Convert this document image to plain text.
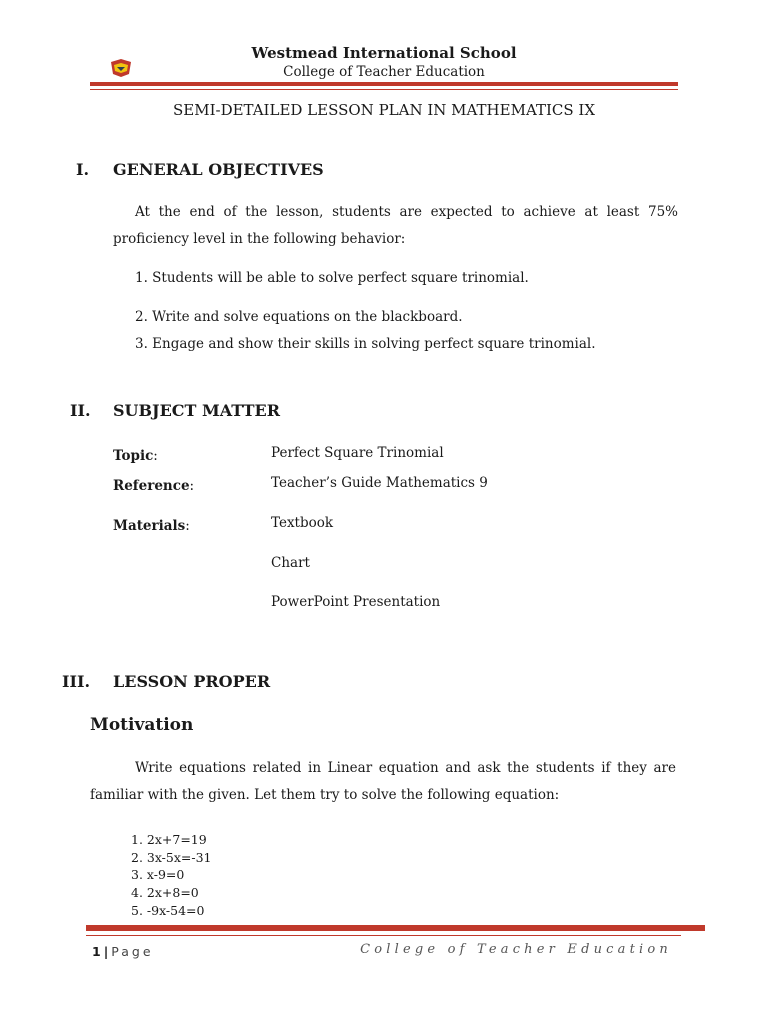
Westmead International School
College of Teacher Education
SEMI-DETAILED LESSON PLAN IN MATHEMATICS IX
I. GENERAL OBJECTIVES
At the end of the lesson, students are expected to achieve at least 75% proficiency level in the following behavior:
1. Students will be able to solve perfect square trinomial.
2. Write and solve equations on the blackboard.
3. Engage and show their skills in solving perfect square trinomial.
II. SUBJECT MATTER
Topic:	Perfect Square Trinomial
Reference:	Teacher’s Guide Mathematics 9
Materials:	Textbook
Chart
PowerPoint Presentation
III. LESSON PROPER
Motivation
Write equations related in Linear equation and ask the students if they are familiar with the given. Let them try to solve the following equation:
1. 2x+7=19
2. 3x-5x=-31
3. x-9=0
4. 2x+8=0
5. -9x-54=0
1 | Page	College of Teacher Education
